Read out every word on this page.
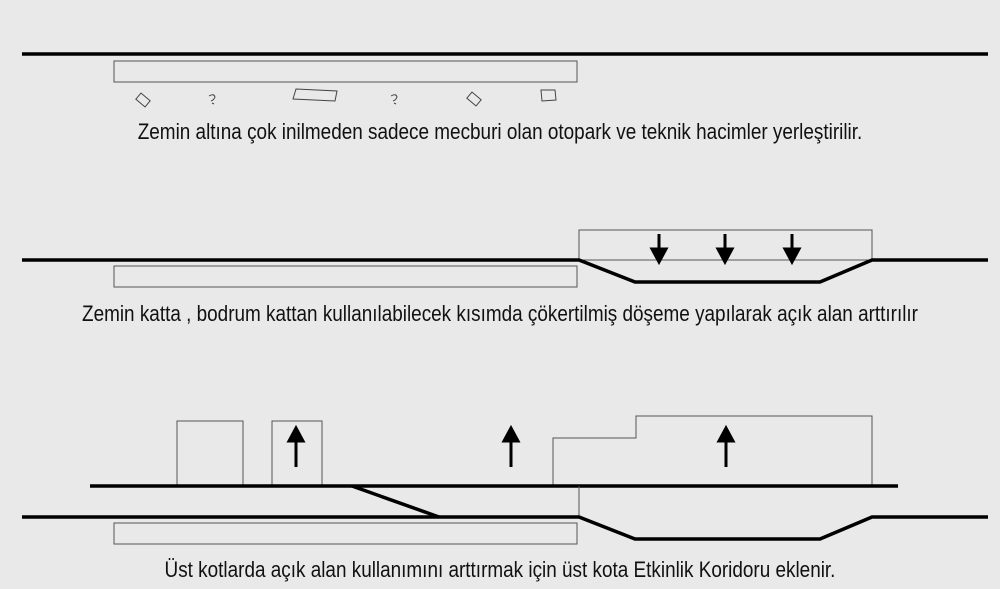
Zemin altına çok inilmeden sadece mecburi olan otopark ve teknik hacimler yerleştirilir.
Zemin katta , bodrum kattan kullanılabilecek kısımda çökertilmiş döşeme yapılarak açık alan arttırılır
Üst kotlarda açık alan kullanımını arttırmak için üst kota Etkinlik Koridoru eklenir.
